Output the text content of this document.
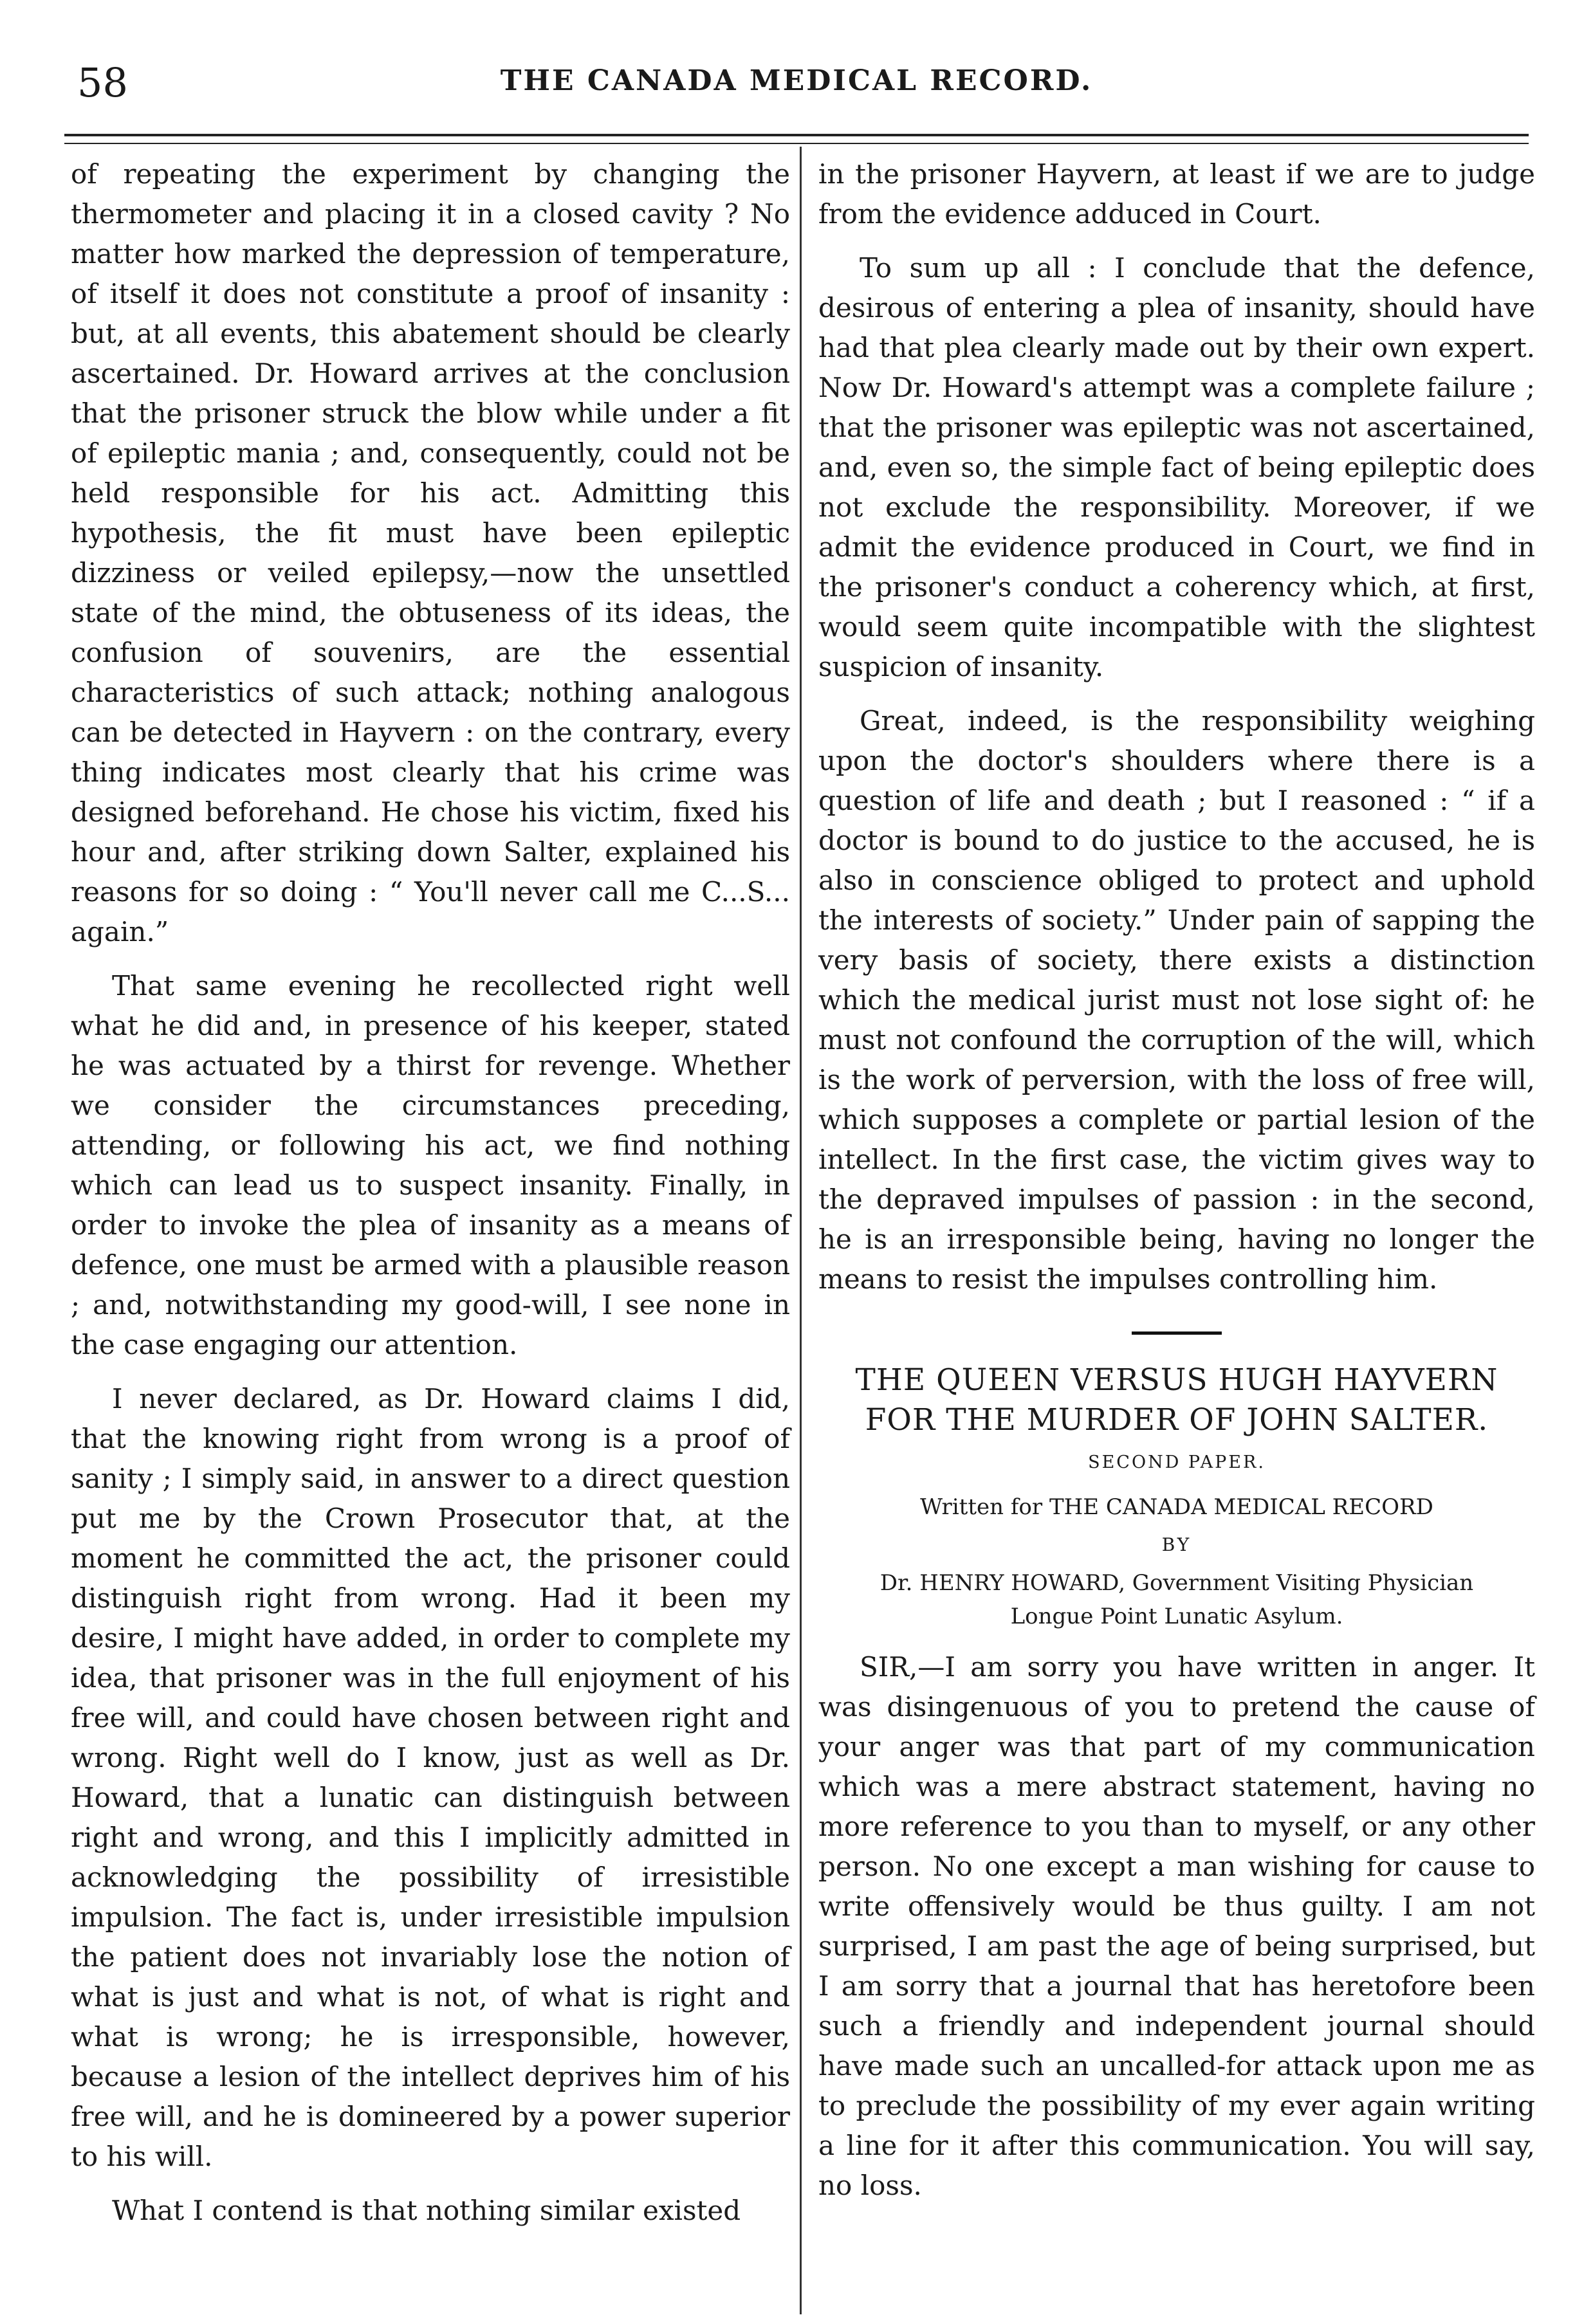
58	THE CANADA MEDICAL RECORD.

of repeating the experiment by changing the thermometer and placing it in a closed cavity ? No matter how marked the depression of temperature, of itself it does not constitute a proof of insanity : but, at all events, this abatement should be clearly ascertained. Dr. Howard arrives at the conclusion that the prisoner struck the blow while under a fit of epileptic mania ; and, consequently, could not be held responsible for his act. Admitting this hypothesis, the fit must have been epileptic dizziness or veiled epilepsy,—now the unsettled state of the mind, the obtuseness of its ideas, the confusion of souvenirs, are the essential characteristics of such attack; nothing analogous can be detected in Hayvern : on the contrary, every thing indicates most clearly that his crime was designed beforehand. He chose his victim, fixed his hour and, after striking down Salter, explained his reasons for so doing : “ You'll never call me C...S... again.”

That same evening he recollected right well what he did and, in presence of his keeper, stated he was actuated by a thirst for revenge. Whether we consider the circumstances preceding, attending, or following his act, we find nothing which can lead us to suspect insanity. Finally, in order to invoke the plea of insanity as a means of defence, one must be armed with a plausible reason ; and, notwithstanding my good-will, I see none in the case engaging our attention.

I never declared, as Dr. Howard claims I did, that the knowing right from wrong is a proof of sanity ; I simply said, in answer to a direct question put me by the Crown Prosecutor that, at the moment he committed the act, the prisoner could distinguish right from wrong. Had it been my desire, I might have added, in order to complete my idea, that prisoner was in the full enjoyment of his free will, and could have chosen between right and wrong. Right well do I know, just as well as Dr. Howard, that a lunatic can distinguish between right and wrong, and this I implicitly admitted in acknowledging the possibility of irresistible impulsion. The fact is, under irresistible impulsion the patient does not invariably lose the notion of what is just and what is not, of what is right and what is wrong; he is irresponsible, however, because a lesion of the intellect deprives him of his free will, and he is domineered by a power superior to his will.

What I contend is that nothing similar existed

in the prisoner Hayvern, at least if we are to judge from the evidence adduced in Court.

To sum up all : I conclude that the defence, desirous of entering a plea of insanity, should have had that plea clearly made out by their own expert. Now Dr. Howard's attempt was a complete failure ; that the prisoner was epileptic was not ascertained, and, even so, the simple fact of being epileptic does not exclude the responsibility. Moreover, if we admit the evidence produced in Court, we find in the prisoner's conduct a coherency which, at first, would seem quite incompatible with the slightest suspicion of insanity.

Great, indeed, is the responsibility weighing upon the doctor's shoulders where there is a question of life and death ; but I reasoned : “ if a doctor is bound to do justice to the accused, he is also in conscience obliged to protect and uphold the interests of society.” Under pain of sapping the very basis of society, there exists a distinction which the medical jurist must not lose sight of: he must not confound the corruption of the will, which is the work of perversion, with the loss of free will, which supposes a complete or partial lesion of the intellect. In the first case, the victim gives way to the depraved impulses of passion : in the second, he is an irresponsible being, having no longer the means to resist the impulses controlling him.

THE QUEEN VERSUS HUGH HAYVERN

FOR THE MURDER OF JOHN SALTER.

SECOND PAPER.

Written for THE CANADA MEDICAL RECORD

BY

Dr. HENRY HOWARD, Government Visiting Physician

Longue Point Lunatic Asylum.

SIR,—I am sorry you have written in anger. It was disingenuous of you to pretend the cause of your anger was that part of my communication which was a mere abstract statement, having no more reference to you than to myself, or any other person. No one except a man wishing for cause to write offensively would be thus guilty. I am not surprised, I am past the age of being surprised, but I am sorry that a journal that has heretofore been such a friendly and independent journal should have made such an uncalled-for attack upon me as to preclude the possibility of my ever again writing a line for it after this communication. You will say, no loss.
